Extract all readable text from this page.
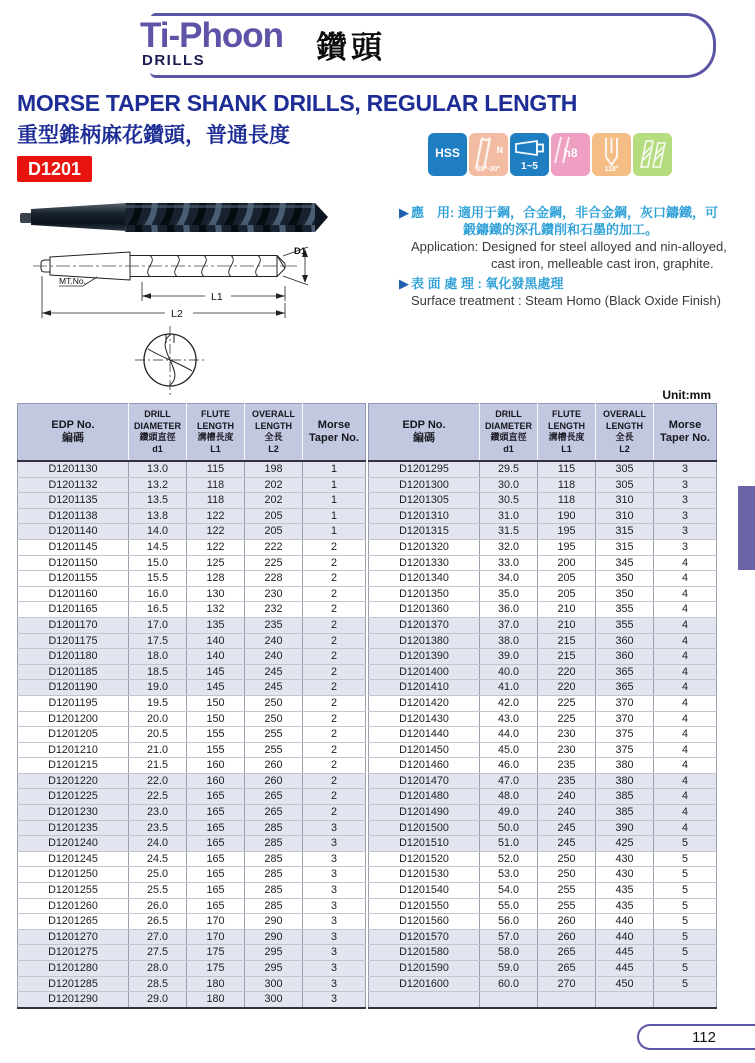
Ti-Phoon
DRILLS	鑽頭
MORSE TAPER SHANK DRILLS, REGULAR LENGTH
重型錐柄麻花鑽頭，普通長度
D1201
HSS	N
20°-30°	1~5
h8
118°
MT.No.
D1
L1
L2
▶ 應　用: 適用于鋼，合金鋼，非合金鋼，灰口鑄鐵，可
鍛鑄鐵的深孔鑽削和石墨的加工。
Application: Designed for steel alloyed and nin-alloyed,
cast iron, melleable cast iron, graphite.
▶ 表 面 處 理 : 氧化發黑處理
Surface treatment : Steam Homo (Black Oxide Finish)
Unit:mm
EDP No.
編碼

DRILL
DIAMETER
鑽頭直徑
d1

FLUTE
LENGTH
溝槽長度
L1

OVERALL
LENGTH
全長
L2

Morse
Taper No.

D1201130	13.0	115	198	1
D1201132	13.2	118	202	1
D1201135	13.5	118	202	1
D1201138	13.8	122	205	1
D1201140	14.0	122	205	1
D1201145	14.5	122	222	2
D1201150	15.0	125	225	2
D1201155	15.5	128	228	2
D1201160	16.0	130	230	2
D1201165	16.5	132	232	2
D1201170	17.0	135	235	2
D1201175	17.5	140	240	2
D1201180	18.0	140	240	2
D1201185	18.5	145	245	2
D1201190	19.0	145	245	2
D1201195	19.5	150	250	2
D1201200	20.0	150	250	2
D1201205	20.5	155	255	2
D1201210	21.0	155	255	2
D1201215	21.5	160	260	2
D1201220	22.0	160	260	2
D1201225	22.5	165	265	2
D1201230	23.0	165	265	2
D1201235	23.5	165	285	3
D1201240	24.0	165	285	3
D1201245	24.5	165	285	3
D1201250	25.0	165	285	3
D1201255	25.5	165	285	3
D1201260	26.0	165	285	3
D1201265	26.5	170	290	3
D1201270	27.0	170	290	3
D1201275	27.5	175	295	3
D1201280	28.0	175	295	3
D1201285	28.5	180	300	3
D1201290	29.0	180	300	3
EDP No.
編碼

DRILL
DIAMETER
鑽頭直徑
d1

FLUTE
LENGTH
溝槽長度
L1

OVERALL
LENGTH
全長
L2

Morse
Taper No.

D1201295	29.5	115	305	3
D1201300	30.0	118	305	3
D1201305	30.5	118	310	3
D1201310	31.0	190	310	3
D1201315	31.5	195	315	3
D1201320	32.0	195	315	3
D1201330	33.0	200	345	4
D1201340	34.0	205	350	4
D1201350	35.0	205	350	4
D1201360	36.0	210	355	4
D1201370	37.0	210	355	4
D1201380	38.0	215	360	4
D1201390	39.0	215	360	4
D1201400	40.0	220	365	4
D1201410	41.0	220	365	4
D1201420	42.0	225	370	4
D1201430	43.0	225	370	4
D1201440	44.0	230	375	4
D1201450	45.0	230	375	4
D1201460	46.0	235	380	4
D1201470	47.0	235	380	4
D1201480	48.0	240	385	4
D1201490	49.0	240	385	4
D1201500	50.0	245	390	4
D1201510	51.0	245	425	5
D1201520	52.0	250	430	5
D1201530	53.0	250	430	5
D1201540	54.0	255	435	5
D1201550	55.0	255	435	5
D1201560	56.0	260	440	5
D1201570	57.0	260	440	5
D1201580	58.0	265	445	5
D1201590	59.0	265	445	5
D1201600	60.0	270	450	5

112
